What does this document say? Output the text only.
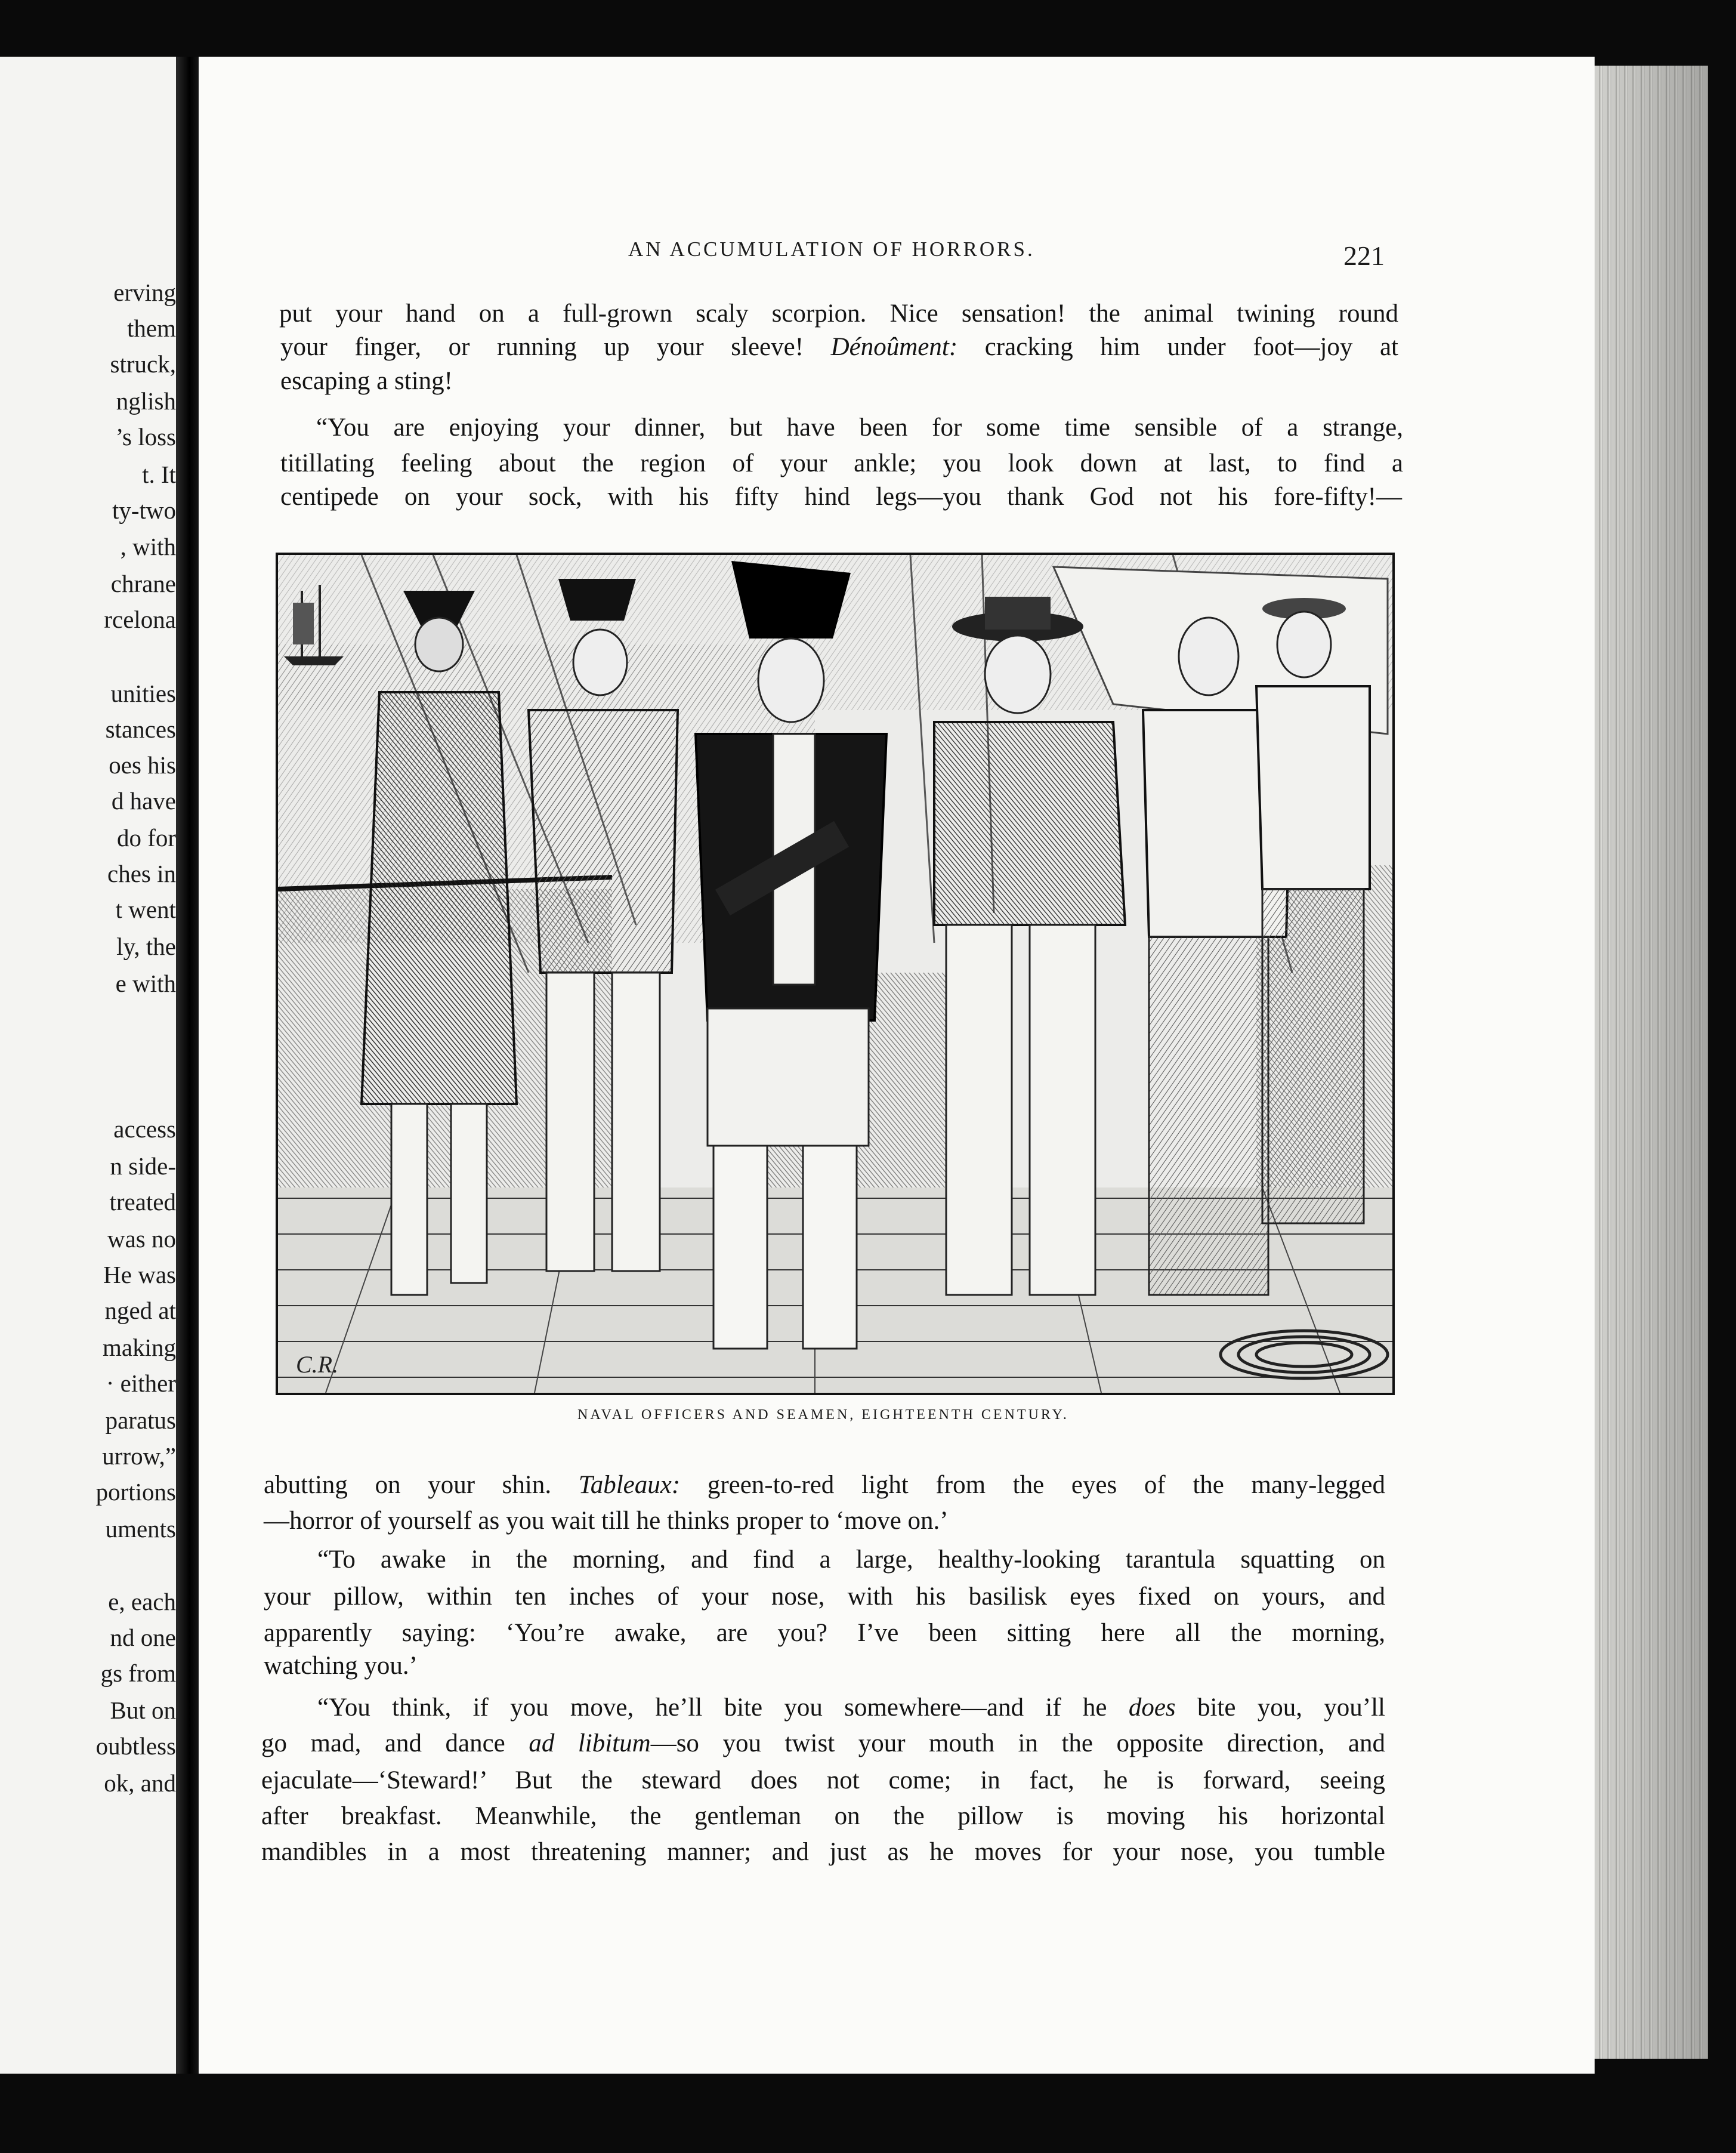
erving
them
struck,
nglish
’s loss
t. It
ty-two
, with
chrane
rcelona
unities
stances
oes his
d have
do for
ches in
t went
ly, the
e with
access
n side-
treated
was no
He was
nged at
making
· either
paratus
urrow,”
portions
uments
e, each
nd one
gs from
But on
oubtless
ok, and
AN ACCUMULATION OF HORRORS.	221
put your hand on a full-grown scaly scorpion. Nice sensation! the animal twining round
your finger, or running up your sleeve! Dénoûment: cracking him under foot—joy at
escaping a sting!
“You are enjoying your dinner, but have been for some time sensible of a strange,
titillating feeling about the region of your ankle; you look down at last, to find a
centipede on your sock, with his fifty hind legs—you thank God not his fore-fifty!—
C.R.
NAVAL OFFICERS AND SEAMEN, EIGHTEENTH CENTURY.
abutting on your shin. Tableaux: green-to-red light from the eyes of the many-legged
—horror of yourself as you wait till he thinks proper to ‘move on.’
“To awake in the morning, and find a large, healthy-looking tarantula squatting on
your pillow, within ten inches of your nose, with his basilisk eyes fixed on yours, and
apparently saying: ‘You’re awake, are you? I’ve been sitting here all the morning,
watching you.’
“You think, if you move, he’ll bite you somewhere—and if he does bite you, you’ll
go mad, and dance ad libitum—so you twist your mouth in the opposite direction, and
ejaculate—‘Steward!’ But the steward does not come; in fact, he is forward, seeing
after breakfast. Meanwhile, the gentleman on the pillow is moving his horizontal
mandibles in a most threatening manner; and just as he moves for your nose, you tumble
